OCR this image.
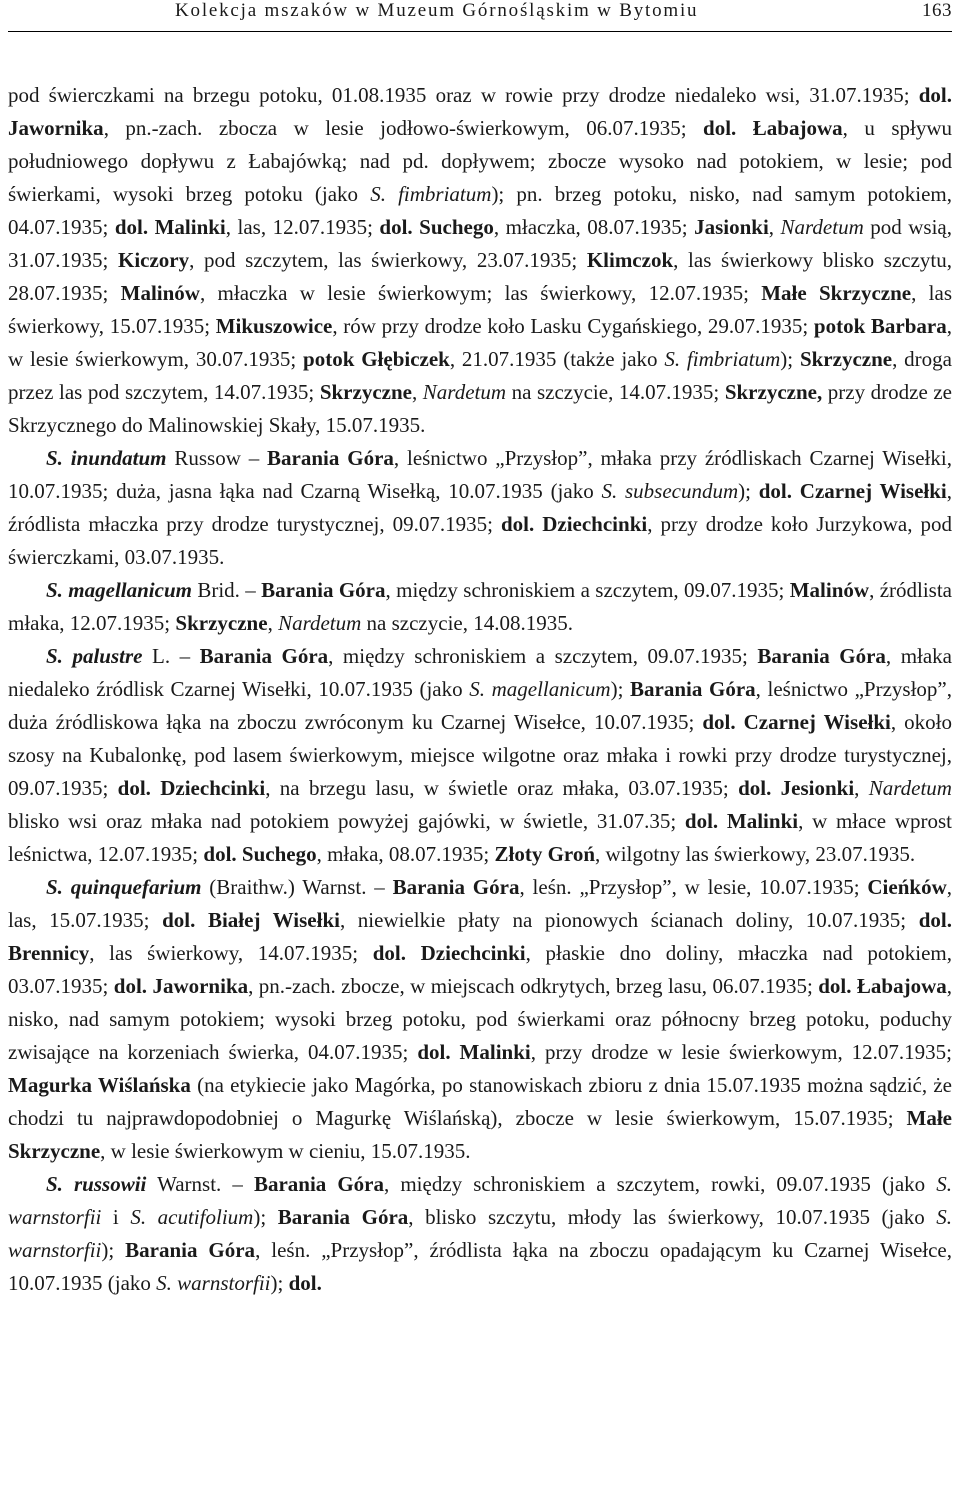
Kolekcja mszaków w Muzeum Górnośląskim w Bytomiu	163

pod świerczkami na brzegu potoku, 01.08.1935 oraz w rowie przy drodze niedaleko wsi, 31.07.1935; dol. Jawornika, pn.-zach. zbocza w lesie jodłowo-świerkowym, 06.07.1935; dol. Łabajowa, u spływu południowego dopływu z Łabajówką; nad pd. dopływem; zbocze wysoko nad potokiem, w lesie; pod świerkami, wysoki brzeg potoku (jako S. fimbriatum); pn. brzeg potoku, nisko, nad samym potokiem, 04.07.1935; dol. Malinki, las, 12.07.1935; dol. Suchego, młaczka, 08.07.1935; Jasionki, Nardetum pod wsią, 31.07.1935; Kiczory, pod szczytem, las świerkowy, 23.07.1935; Klimczok, las świerkowy blisko szczytu, 28.07.1935; Malinów, młaczka w lesie świerkowym; las świerkowy, 12.07.1935; Małe Skrzyczne, las świerkowy, 15.07.1935; Mikuszowice, rów przy drodze koło Lasku Cygańskiego, 29.07.1935; potok Barbara, w lesie świerkowym, 30.07.1935; potok Głębiczek, 21.07.1935 (także jako S. fimbriatum); Skrzyczne, droga przez las pod szczytem, 14.07.1935; Skrzyczne, Nardetum na szczycie, 14.07.1935; Skrzyczne, przy drodze ze Skrzycznego do Malinowskiej Skały, 15.07.1935.

S. inundatum Russow – Barania Góra, leśnictwo „Przysłop”, młaka przy źródliskach Czarnej Wisełki, 10.07.1935; duża, jasna łąka nad Czarną Wisełką, 10.07.1935 (jako S. subsecundum); dol. Czarnej Wisełki, źródlista młaczka przy drodze turystycznej, 09.07.1935; dol. Dziechcinki, przy drodze koło Jurzykowa, pod świerczkami, 03.07.1935.

S. magellanicum Brid. – Barania Góra, między schroniskiem a szczytem, 09.07.1935; Malinów, źródlista młaka, 12.07.1935; Skrzyczne, Nardetum na szczycie, 14.08.1935.

S. palustre L. – Barania Góra, między schroniskiem a szczytem, 09.07.1935; Barania Góra, młaka niedaleko źródlisk Czarnej Wisełki, 10.07.1935 (jako S. magellanicum); Barania Góra, leśnictwo „Przysłop”, duża źródliskowa łąka na zboczu zwróconym ku Czarnej Wisełce, 10.07.1935; dol. Czarnej Wisełki, około szosy na Kubalonkę, pod lasem świerkowym, miejsce wilgotne oraz młaka i rowki przy drodze turystycznej, 09.07.1935; dol. Dziechcinki, na brzegu lasu, w świetle oraz młaka, 03.07.1935; dol. Jesionki, Nardetum blisko wsi oraz młaka nad potokiem powyżej gajówki, w świetle, 31.07.35; dol. Malinki, w młace wprost leśnictwa, 12.07.1935; dol. Suchego, młaka, 08.07.1935; Złoty Groń, wilgotny las świerkowy, 23.07.1935.

S. quinquefarium (Braithw.) Warnst. – Barania Góra, leśn. „Przysłop”, w lesie, 10.07.1935; Cieńków, las, 15.07.1935; dol. Białej Wisełki, niewielkie płaty na pionowych ścianach doliny, 10.07.1935; dol. Brennicy, las świerkowy, 14.07.1935; dol. Dziechcinki, płaskie dno doliny, młaczka nad potokiem, 03.07.1935; dol. Jawornika, pn.-zach. zbocze, w miejscach odkrytych, brzeg lasu, 06.07.1935; dol. Łabajowa, nisko, nad samym potokiem; wysoki brzeg potoku, pod świerkami oraz północny brzeg potoku, poduchy zwisające na korzeniach świerka, 04.07.1935; dol. Malinki, przy drodze w lesie świerkowym, 12.07.1935; Magurka Wiślańska (na etykiecie jako Magórka, po stanowiskach zbioru z dnia 15.07.1935 można sądzić, że chodzi tu najprawdopodobniej o Magurkę Wiślańską), zbocze w lesie świerkowym, 15.07.1935; Małe Skrzyczne, w lesie świerkowym w cieniu, 15.07.1935.

S. russowii Warnst. – Barania Góra, między schroniskiem a szczytem, rowki, 09.07.1935 (jako S. warnstorfii i S. acutifolium); Barania Góra, blisko szczytu, młody las świerkowy, 10.07.1935 (jako S. warnstorfii); Barania Góra, leśn. „Przysłop”, źródlista łąka na zboczu opadającym ku Czarnej Wisełce, 10.07.1935 (jako S. warnstorfii); dol.
